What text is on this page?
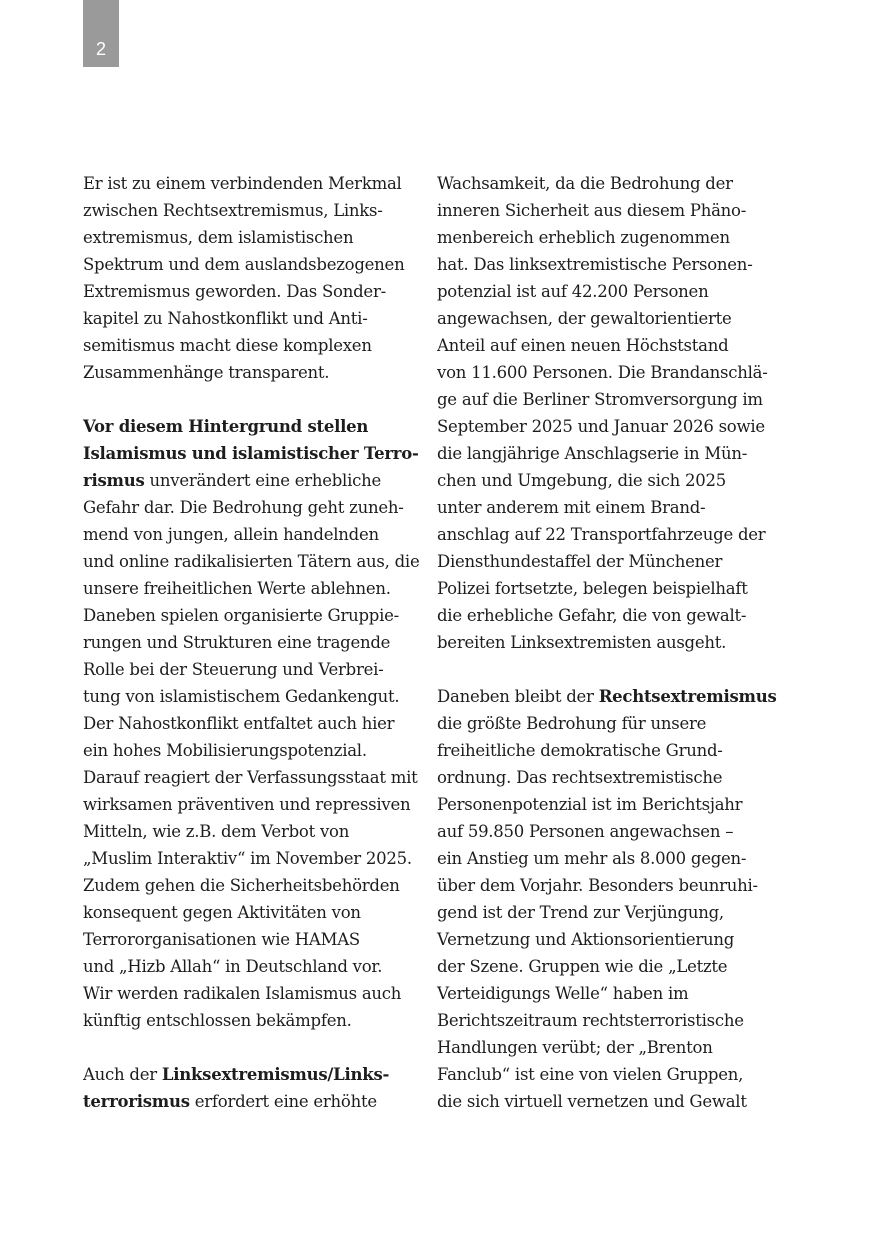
2
Er ist zu einem verbindenden Merkmal
zwischen Rechtsextremismus, Links-
extremismus, dem islamistischen
Spektrum und dem auslandsbezogenen
Extremismus geworden. Das Sonder-
kapitel zu Nahostkonflikt und Anti-
semitismus macht diese komplexen
Zusammenhänge transparent.
Vor diesem Hintergrund stellen
Islamismus und islamistischer Terro-
rismus unverändert eine erhebliche
Gefahr dar. Die Bedrohung geht zuneh-
mend von jungen, allein handelnden
und online radikalisierten Tätern aus, die
unsere freiheitlichen Werte ablehnen.
Daneben spielen organisierte Gruppie-
rungen und Strukturen eine tragende
Rolle bei der Steuerung und Verbrei-
tung von islamistischem Gedankengut.
Der Nahostkonflikt entfaltet auch hier
ein hohes Mobilisierungspotenzial.
Darauf reagiert der Verfassungsstaat mit
wirksamen präventiven und repressiven
Mitteln, wie z.B. dem Verbot von
„Muslim Interaktiv“ im November 2025.
Zudem gehen die Sicherheitsbehörden
konsequent gegen Aktivitäten von
Terrororganisationen wie HAMAS
und „Hizb Allah“ in Deutschland vor.
Wir werden radikalen Islamismus auch
künftig entschlossen bekämpfen.
Auch der Linksextremismus/Links-
terrorismus erfordert eine erhöhte
Wachsamkeit, da die Bedrohung der
inneren Sicherheit aus diesem Phäno-
menbereich erheblich zugenommen
hat. Das linksextremistische Personen-
potenzial ist auf 42.200 Personen
angewachsen, der gewaltorientierte
Anteil auf einen neuen Höchststand
von 11.600 Personen. Die Brandanschlä-
ge auf die Berliner Stromversorgung im
September 2025 und Januar 2026 sowie
die langjährige Anschlagserie in Mün-
chen und Umgebung, die sich 2025
unter anderem mit einem Brand-
anschlag auf 22 Transportfahrzeuge der
Diensthundestaffel der Münchener
Polizei fortsetzte, belegen beispielhaft
die erhebliche Gefahr, die von gewalt-
bereiten Linksextremisten ausgeht.
Daneben bleibt der Rechtsextremismus
die größte Bedrohung für unsere
freiheitliche demokratische Grund-
ordnung. Das rechtsextremistische
Personenpotenzial ist im Berichtsjahr
auf 59.850 Personen angewachsen –
ein Anstieg um mehr als 8.000 gegen-
über dem Vorjahr. Besonders beunruhi-
gend ist der Trend zur Verjüngung,
Vernetzung und Aktionsorientierung
der Szene. Gruppen wie die „Letzte
Verteidigungs Welle“ haben im
Berichtszeitraum rechtsterroristische
Handlungen verübt; der „Brenton
Fanclub“ ist eine von vielen Gruppen,
die sich virtuell vernetzen und Gewalt
